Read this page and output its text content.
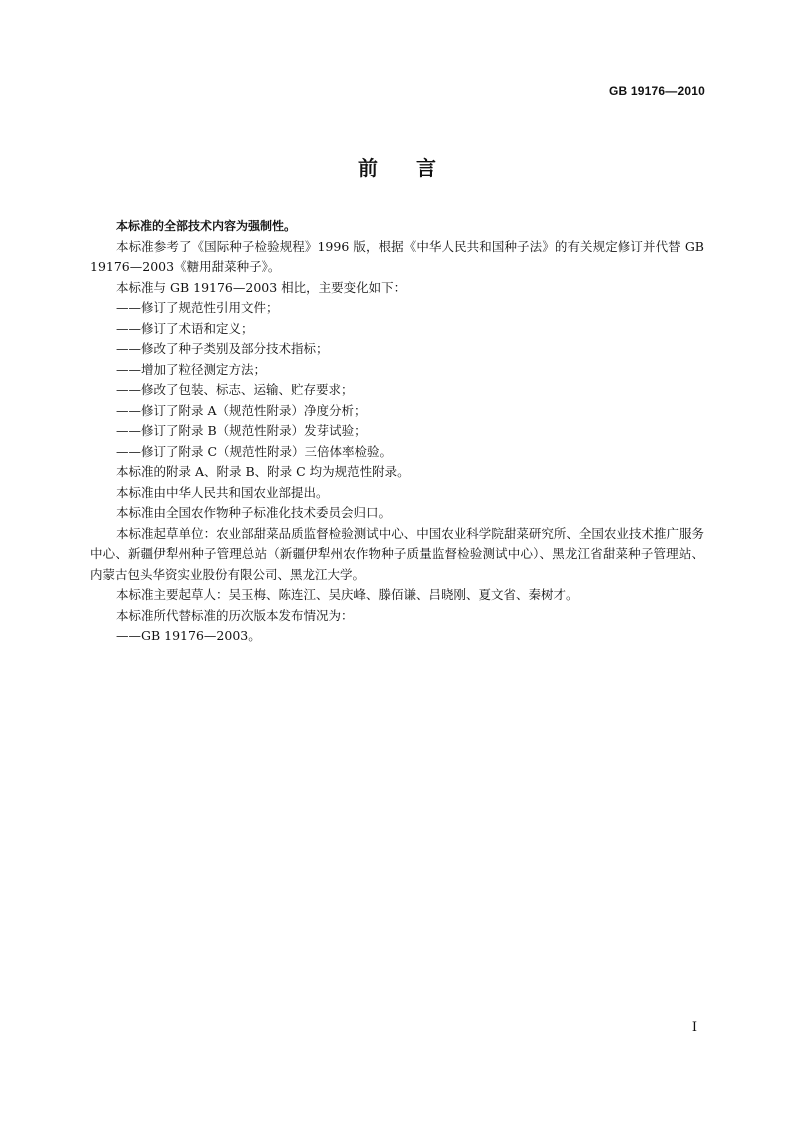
GB 19176—2010
前言

本标准的全部技术内容为强制性。

本标准参考了《国际种子检验规程》1996 版，根据《中华人民共和国种子法》的有关规定修订并代替 GB 19176—2003《糖用甜菜种子》。

本标准与 GB 19176—2003 相比，主要变化如下：

——修订了规范性引用文件；

——修订了术语和定义；

——修改了种子类别及部分技术指标；

——增加了粒径测定方法；

——修改了包装、标志、运输、贮存要求；

——修订了附录 A（规范性附录）净度分析；

——修订了附录 B（规范性附录）发芽试验；

——修订了附录 C（规范性附录）三倍体率检验。

本标准的附录 A、附录 B、附录 C 均为规范性附录。

本标准由中华人民共和国农业部提出。

本标准由全国农作物种子标准化技术委员会归口。

本标准起草单位：农业部甜菜品质监督检验测试中心、中国农业科学院甜菜研究所、全国农业技术推广服务中心、新疆伊犁州种子管理总站（新疆伊犁州农作物种子质量监督检验测试中心）、黑龙江省甜菜种子管理站、内蒙古包头华资实业股份有限公司、黑龙江大学。

本标准主要起草人：吴玉梅、陈连江、吴庆峰、滕佰谦、吕晓刚、夏文省、秦树才。

本标准所代替标准的历次版本发布情况为：

——GB 19176—2003。

I
